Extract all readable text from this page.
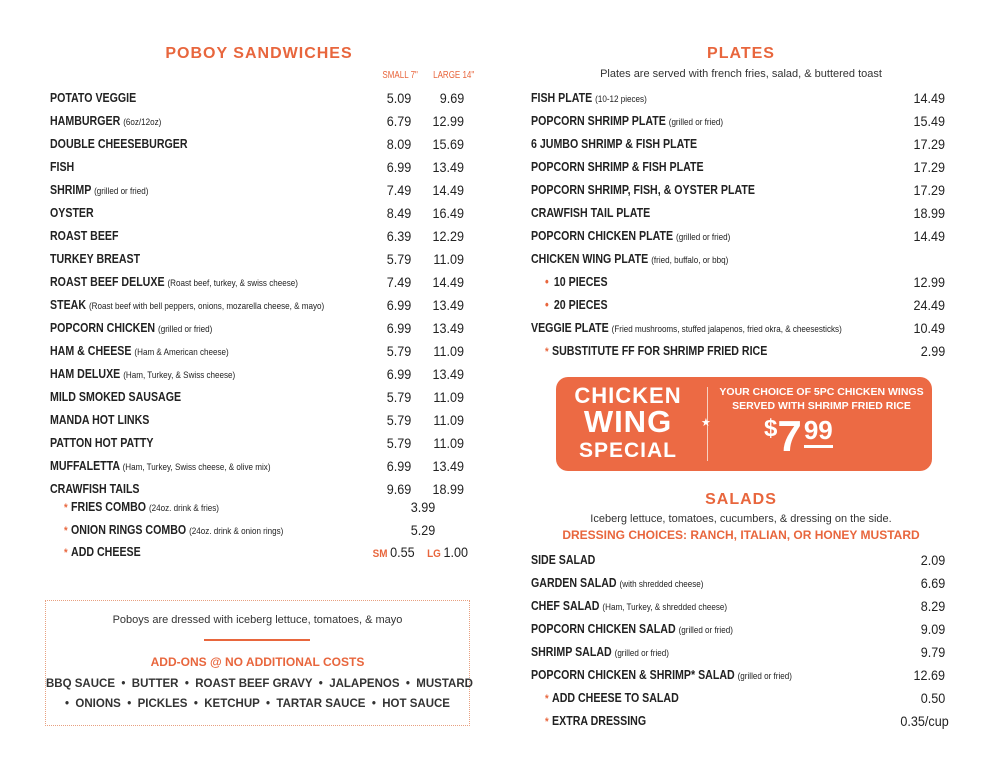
POBOY SANDWICHES
SMALL 7" LARGE 14"
POTATO VEGGIE	5.09 9.69
HAMBURGER (6oz/12oz)	6.79 12.99
DOUBLE CHEESEBURGER	8.09 15.69
FISH	6.99 13.49
SHRIMP (grilled or fried)	7.49 14.49
OYSTER	8.49 16.49
ROAST BEEF	6.39 12.29
TURKEY BREAST	5.79 11.09
ROAST BEEF DELUXE (Roast beef, turkey, & swiss cheese)	7.49 14.49
STEAK (Roast beef with bell peppers, onions, mozarella cheese, & mayo)	6.99 13.49
POPCORN CHICKEN (grilled or fried)	6.99 13.49
HAM & CHEESE (Ham & American cheese)	5.79 11.09
HAM DELUXE (Ham, Turkey, & Swiss cheese)	6.99 13.49
MILD SMOKED SAUSAGE	5.79 11.09
MANDA HOT LINKS	5.79 11.09
PATTON HOT PATTY	5.79 11.09
MUFFALETTA (Ham, Turkey, Swiss cheese, & olive mix)	6.99 13.49
CRAWFISH TAILS	9.69 18.99
* FRIES COMBO (24oz. drink & fries)	3.99
* ONION RINGS COMBO (24oz. drink & onion rings)	5.29
* ADD CHEESE	SM 0.55  LG 1.00
Poboys are dressed with iceberg lettuce, tomatoes, & mayo
ADD-ONS @ NO ADDITIONAL COSTS
BBQ SAUCE  •  BUTTER  •  ROAST BEEF GRAVY  •  JALAPENOS  •  MUSTARD
•  ONIONS  •  PICKLES  •  KETCHUP  •  TARTAR SAUCE  •  HOT SAUCE
PLATES
Plates are served with french fries, salad, & buttered toast
FISH PLATE (10-12 pieces)	14.49
POPCORN SHRIMP PLATE (grilled or fried)	15.49
6 JUMBO SHRIMP & FISH PLATE	17.29
POPCORN SHRIMP & FISH PLATE	17.29
POPCORN SHRIMP, FISH, & OYSTER PLATE	17.29
CRAWFISH TAIL PLATE	18.99
POPCORN CHICKEN PLATE (grilled or fried)	14.49
CHICKEN WING PLATE (fried, buffalo, or bbq)
• 10 PIECES	12.99
• 20 PIECES	24.49
VEGGIE PLATE (Fried mushrooms, stuffed jalapenos, fried okra, & cheesesticks)	10.49
* SUBSTITUTE FF FOR SHRIMP FRIED RICE	2.99
CHICKEN
WING
SPECIAL
★
YOUR CHOICE OF 5PC CHICKEN WINGS
SERVED WITH SHRIMP FRIED RICE
$799
SALADS
Iceberg lettuce, tomatoes, cucumbers, & dressing on the side.
DRESSING CHOICES: RANCH, ITALIAN, OR HONEY MUSTARD
SIDE SALAD	2.09
GARDEN SALAD (with shredded cheese)	6.69
CHEF SALAD (Ham, Turkey, & shredded cheese)	8.29
POPCORN CHICKEN SALAD (grilled or fried)	9.09
SHRIMP SALAD (grilled or fried)	9.79
POPCORN CHICKEN & SHRIMP* SALAD (grilled or fried)	12.69
* ADD CHEESE TO SALAD	0.50
* EXTRA DRESSING	0.35/cup
